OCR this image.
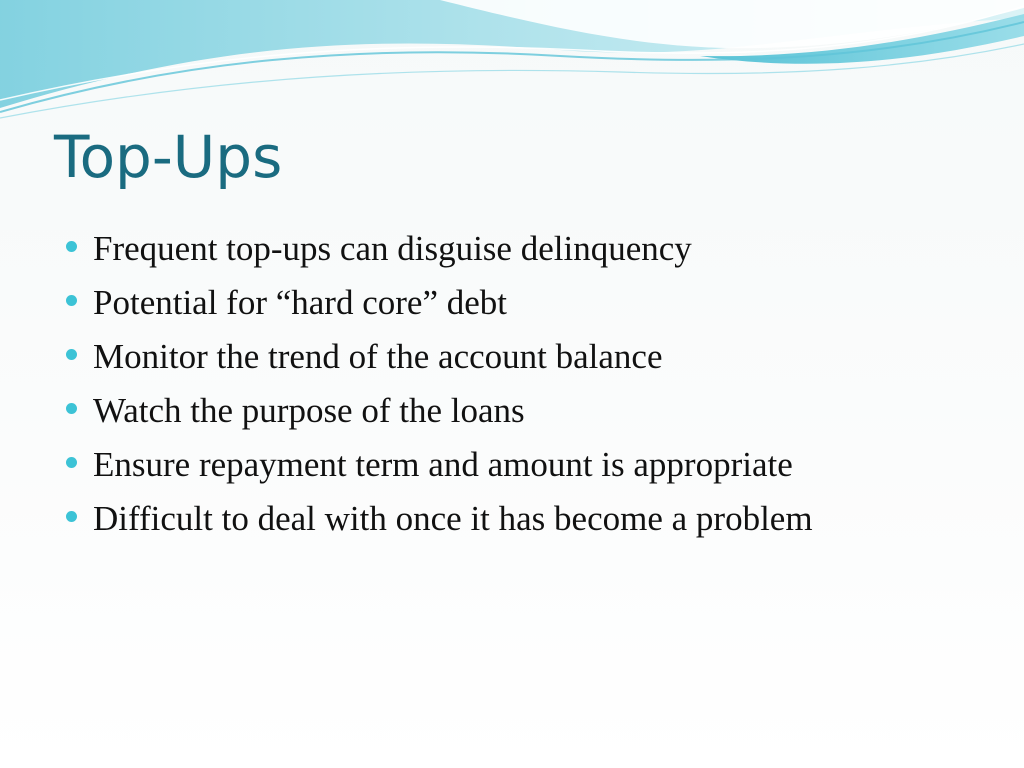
Top-Ups
Frequent top-ups can disguise delinquency
Potential for “hard core” debt
Monitor the trend of the account balance
Watch the purpose of the loans
Ensure repayment term and amount is appropriate
Difficult to deal with once it has become a problem
